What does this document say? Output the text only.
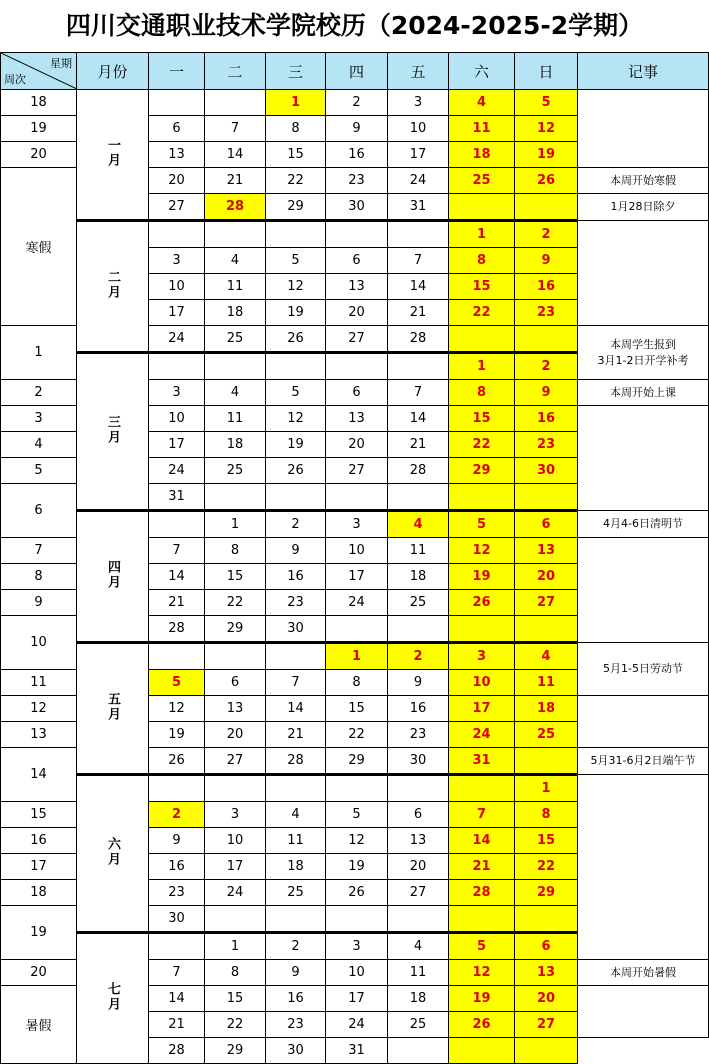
四川交通职业技术学院校历（2024-2025-2学期）
星期
周次	月份	一	二	三	四	五	六	日	记事
18	一月			1	2	3	4	5	
19		6	7	8	9	10	11	12	
20		13	14	15	16	17	18	19	
寒假		20	21	22	23	24	25	26	本周开始寒假
		27	28	29	30	31			1月28日除夕
	二月						1	2	
		3	4	5	6	7	8	9	
		10	11	12	13	14	15	16	
		17	18	19	20	21	22	23	
1		24	25	26	27	28			本周学生报到
3月1-2日开学补考
	三月						1	2	
2		3	4	5	6	7	8	9	本周开始上课
3		10	11	12	13	14	15	16	
4		17	18	19	20	21	22	23	
5		24	25	26	27	28	29	30	
6		31							
	四月		1	2	3	4	5	6	4月4-6日清明节
7		7	8	9	10	11	12	13	
8		14	15	16	17	18	19	20	
9		21	22	23	24	25	26	27	
10		28	29	30					
	五月				1	2	3	4	5月1-5日劳动节
11		5	6	7	8	9	10	11	
12		12	13	14	15	16	17	18	
13		19	20	21	22	23	24	25	
14		26	27	28	29	30	31		5月31-6月2日端午节
	六月							1	
15		2	3	4	5	6	7	8	
16		9	10	11	12	13	14	15	
17		16	17	18	19	20	21	22	
18		23	24	25	26	27	28	29	
19		30							
	七月		1	2	3	4	5	6	
20		7	8	9	10	11	12	13	本周开始暑假
暑假		14	15	16	17	18	19	20	
		21	22	23	24	25	26	27	
		28	29	30	31				
